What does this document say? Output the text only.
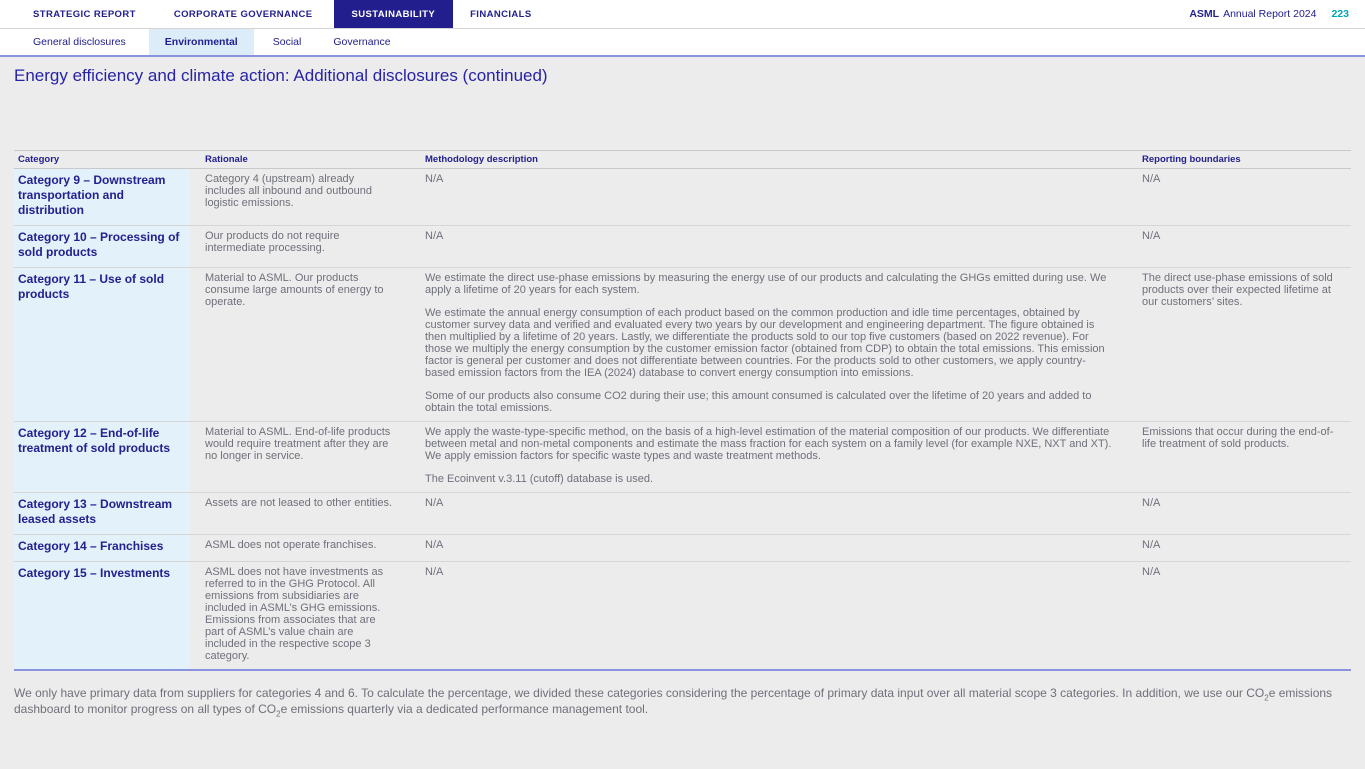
STRATEGIC REPORT	CORPORATE GOVERNANCE	SUSTAINABILITY	FINANCIALS	ASML Annual Report 2024 223
General disclosures	Environmental	Social	Governance
Energy efficiency and climate action: Additional disclosures (continued)
Category	Rationale	Methodology description	Reporting boundaries
Category 9 – Downstream transportation and distribution	Category 4 (upstream) already includes all inbound and outbound logistic emissions.	N/A	N/A

Category 10 – Processing of sold products	Our products do not require intermediate processing.	N/A	N/A

Category 11 – Use of sold products	Material to ASML. Our products consume large amounts of energy to operate.	We estimate the direct use-phase emissions by measuring the energy use of our products and calculating the GHGs emitted during use. We apply a lifetime of 20 years for each system.

We estimate the annual energy consumption of each product based on the common production and idle time percentages, obtained by customer survey data and verified and evaluated every two years by our development and engineering department. The figure obtained is then multiplied by a lifetime of 20 years. Lastly, we differentiate the products sold to our top five customers (based on 2022 revenue). For those we multiply the energy consumption by the customer emission factor (obtained from CDP) to obtain the total emissions. This emission factor is general per customer and does not differentiate between countries. For the products sold to other customers, we apply country-based emission factors from the IEA (2024) database to convert energy consumption into emissions.

Some of our products also consume CO2 during their use; this amount consumed is calculated over the lifetime of 20 years and added to obtain the total emissions.	The direct use-phase emissions of sold products over their expected lifetime at our customers’ sites.

Category 12 – End-of-life treatment of sold products	Material to ASML. End-of-life products would require treatment after they are no longer in service.	We apply the waste-type-specific method, on the basis of a high-level estimation of the material composition of our products. We differentiate between metal and non-metal components and estimate the mass fraction for each system on a family level (for example NXE, NXT and XT). We apply emission factors for specific waste types and waste treatment methods.

The Ecoinvent v.3.11 (cutoff) database is used.	Emissions that occur during the end-of-life treatment of sold products.

Category 13 – Downstream leased assets	Assets are not leased to other entities.	N/A	N/A

Category 14 – Franchises	ASML does not operate franchises.	N/A	N/A

Category 15 – Investments	ASML does not have investments as referred to in the GHG Protocol. All emissions from subsidiaries are included in ASML’s GHG emissions. Emissions from associates that are part of ASML’s value chain are included in the respective scope 3 category.	N/A	N/A

We only have primary data from suppliers for categories 4 and 6. To calculate the percentage, we divided these categories considering the percentage of primary data input over all material scope 3 categories. In addition, we use our $CO_2e$ emissions dashboard to monitor progress on all types of $CO_2e$ emissions quarterly via a dedicated performance management tool.
